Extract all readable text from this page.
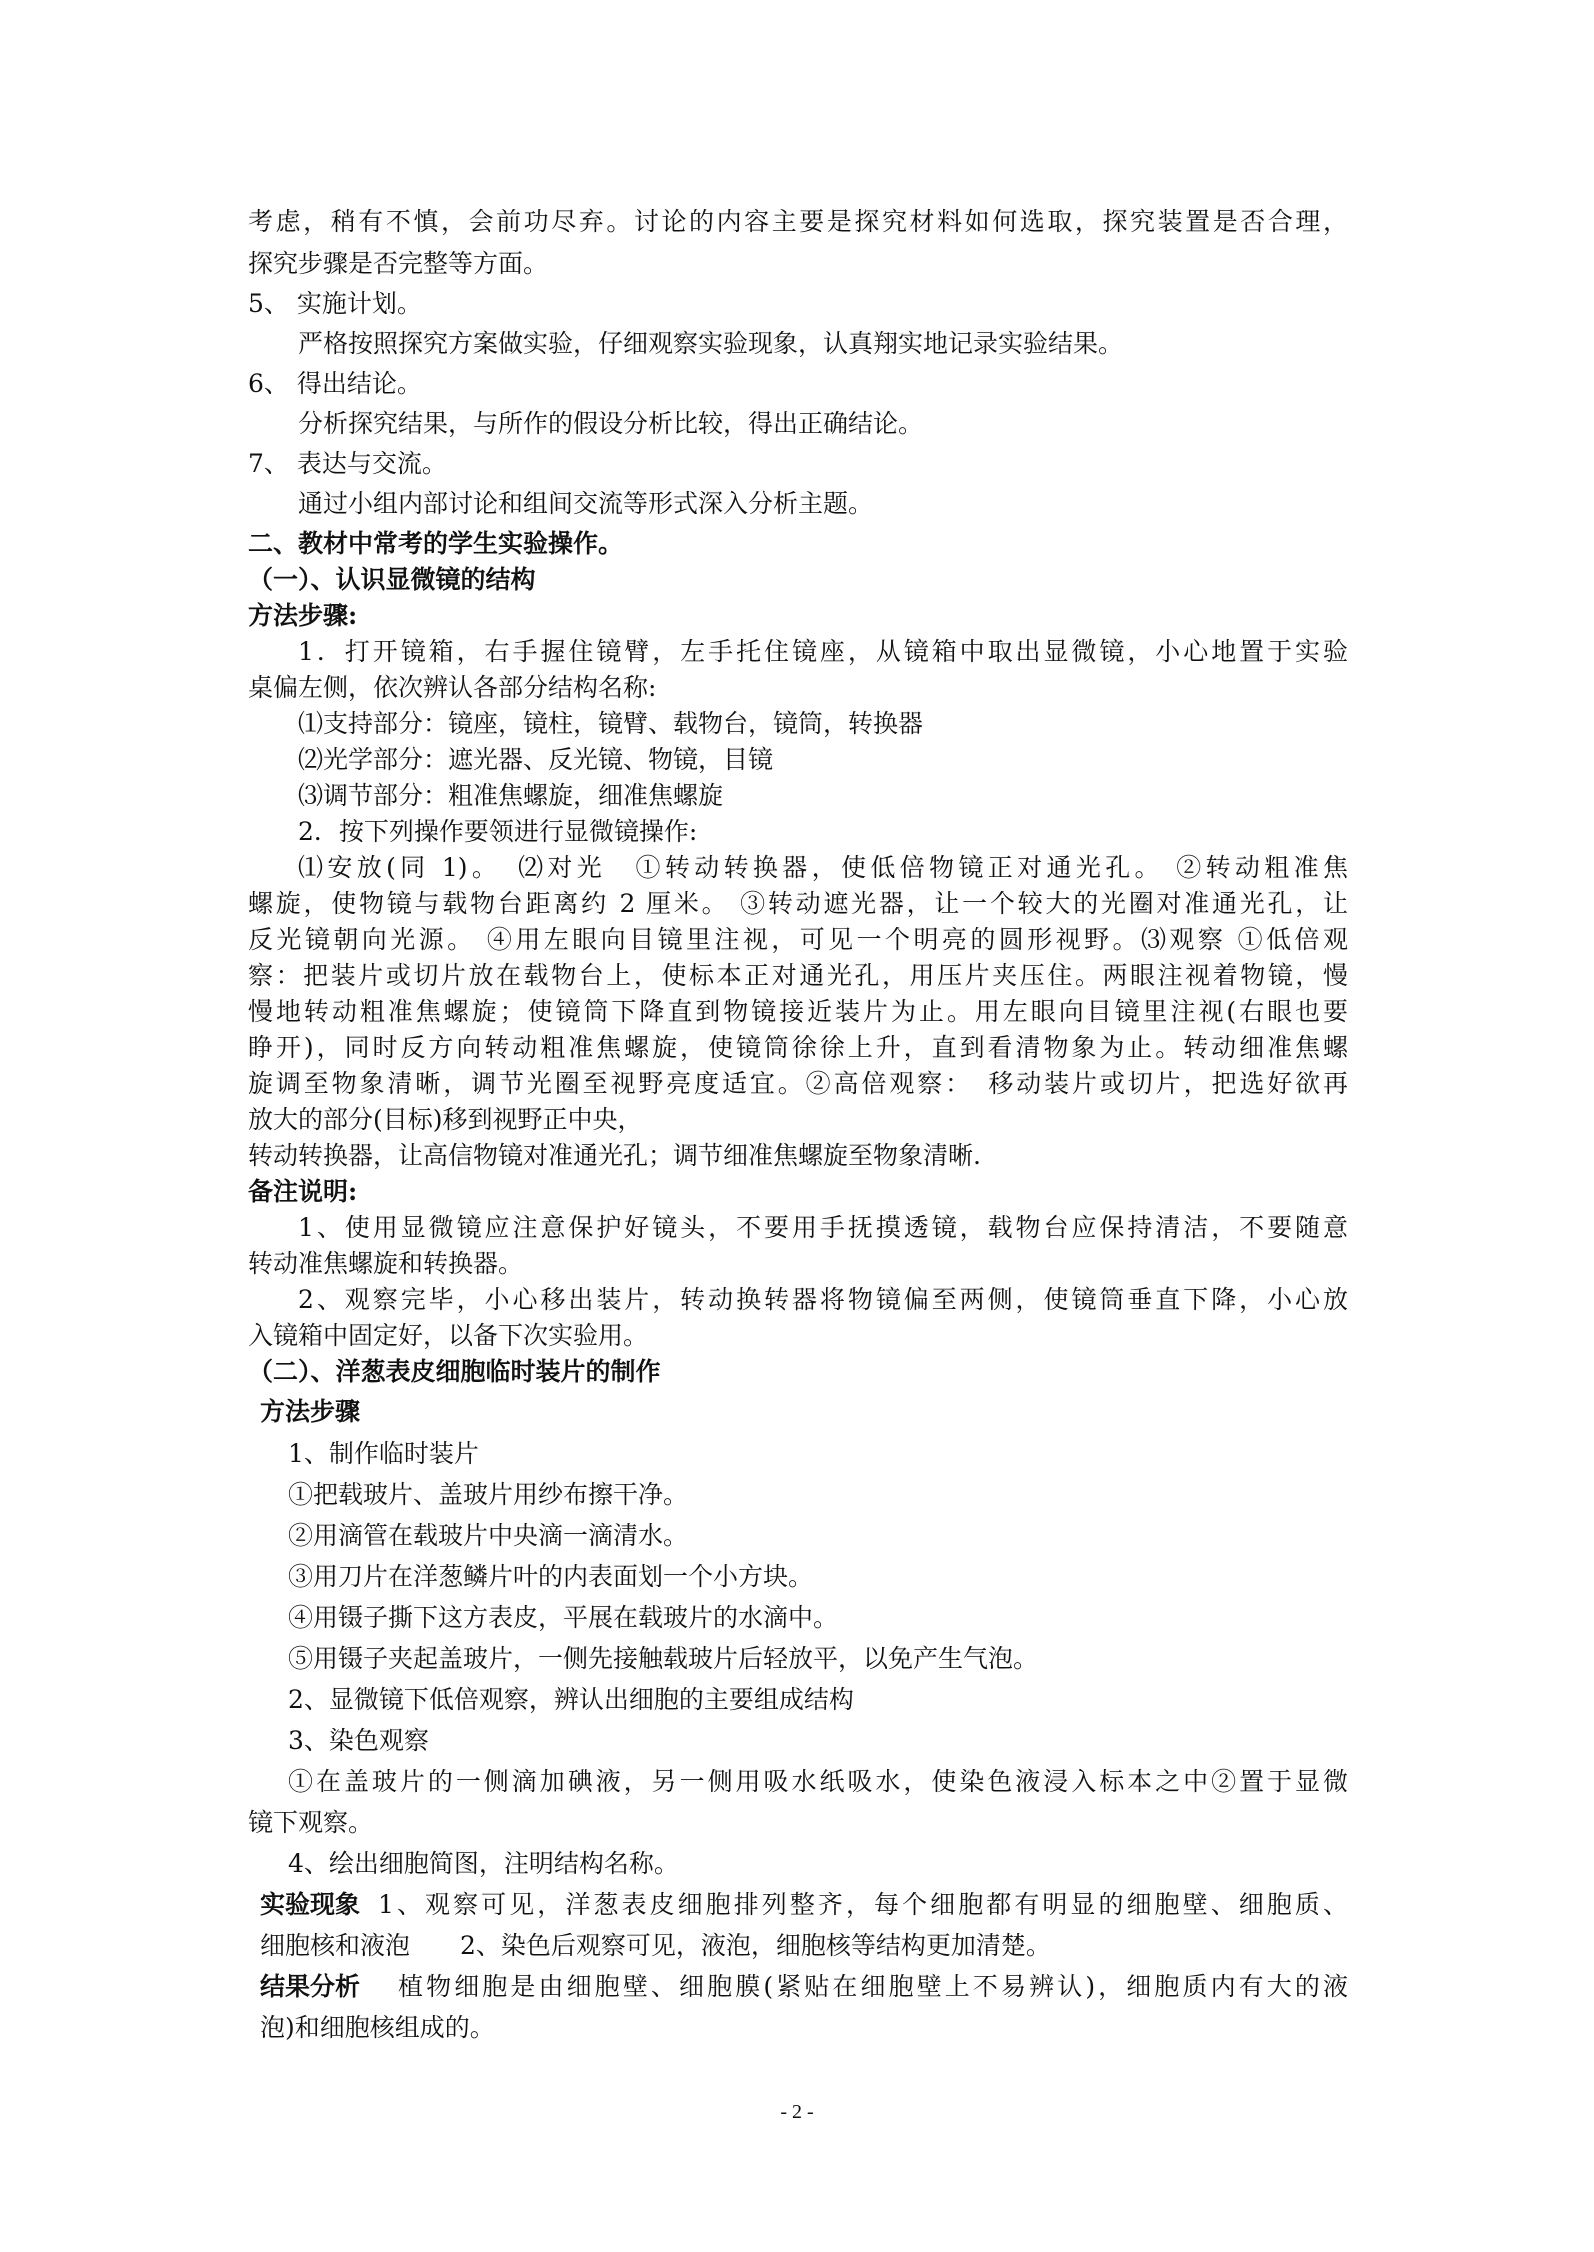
考虑，稍有不慎，会前功尽弃。讨论的内容主要是探究材料如何选取，探究装置是否合理，
探究步骤是否完整等方面。
5、 实施计划。
严格按照探究方案做实验，仔细观察实验现象，认真翔实地记录实验结果。
6、 得出结论。
分析探究结果，与所作的假设分析比较，得出正确结论。
7、 表达与交流。
通过小组内部讨论和组间交流等形式深入分析主题。
二、教材中常考的学生实验操作。
（一）、认识显微镜的结构
方法步骤:
1．打开镜箱，右手握住镜臂，左手托住镜座，从镜箱中取出显微镜，小心地置于实验
桌偏左侧，依次辨认各部分结构名称:
⑴支持部分：镜座，镜柱，镜臂、载物台，镜筒，转换器
⑵光学部分：遮光器、反光镜、物镜，目镜
⑶调节部分：粗准焦螺旋，细准焦螺旋
2．按下列操作要领进行显微镜操作:
⑴安放(同 1)。　⑵对光　①转动转换器，使低倍物镜正对通光孔。 ②转动粗准焦
螺旋，使物镜与载物台距离约 2 厘米。 ③转动遮光器，让一个较大的光圈对准通光孔，让
反光镜朝向光源。 ④用左眼向目镜里注视，可见一个明亮的圆形视野。⑶观察 ①低倍观
察：把装片或切片放在载物台上，使标本正对通光孔，用压片夹压住。两眼注视着物镜，慢
慢地转动粗准焦螺旋；使镜筒下降直到物镜接近装片为止。用左眼向目镜里注视(右眼也要
睁开)，同时反方向转动粗准焦螺旋，使镜筒徐徐上升，直到看清物象为止。转动细准焦螺
旋调至物象清晰，调节光圈至视野亮度适宜。②高倍观察：　移动装片或切片，把选好欲再
放大的部分(目标)移到视野正中央，
转动转换器，让高信物镜对准通光孔；调节细准焦螺旋至物象清晰.
备注说明:
1、使用显微镜应注意保护好镜头，不要用手抚摸透镜，载物台应保持清洁，不要随意
转动准焦螺旋和转换器。
2、观察完毕，小心移出装片，转动换转器将物镜偏至两侧，使镜筒垂直下降，小心放
入镜箱中固定好，以备下次实验用。
（二）、洋葱表皮细胞临时装片的制作
方法步骤
1、制作临时装片
①把载玻片、盖玻片用纱布擦干净。
②用滴管在载玻片中央滴一滴清水。
③用刀片在洋葱鳞片叶的内表面划一个小方块。
④用镊子撕下这方表皮，平展在载玻片的水滴中。
⑤用镊子夹起盖玻片，一侧先接触载玻片后轻放平，以免产生气泡。
2、显微镜下低倍观察，辨认出细胞的主要组成结构
3、染色观察
①在盖玻片的一侧滴加碘液，另一侧用吸水纸吸水，使染色液浸入标本之中②置于显微
镜下观察。
4、绘出细胞简图，注明结构名称。
实验现象 1、观察可见，洋葱表皮细胞排列整齐，每个细胞都有明显的细胞壁、细胞质、
细胞核和液泡　　2、染色后观察可见，液泡，细胞核等结构更加清楚。
结果分析 植物细胞是由细胞壁、细胞膜(紧贴在细胞壁上不易辨认)，细胞质内有大的液
泡)和细胞核组成的。
- 2 -
